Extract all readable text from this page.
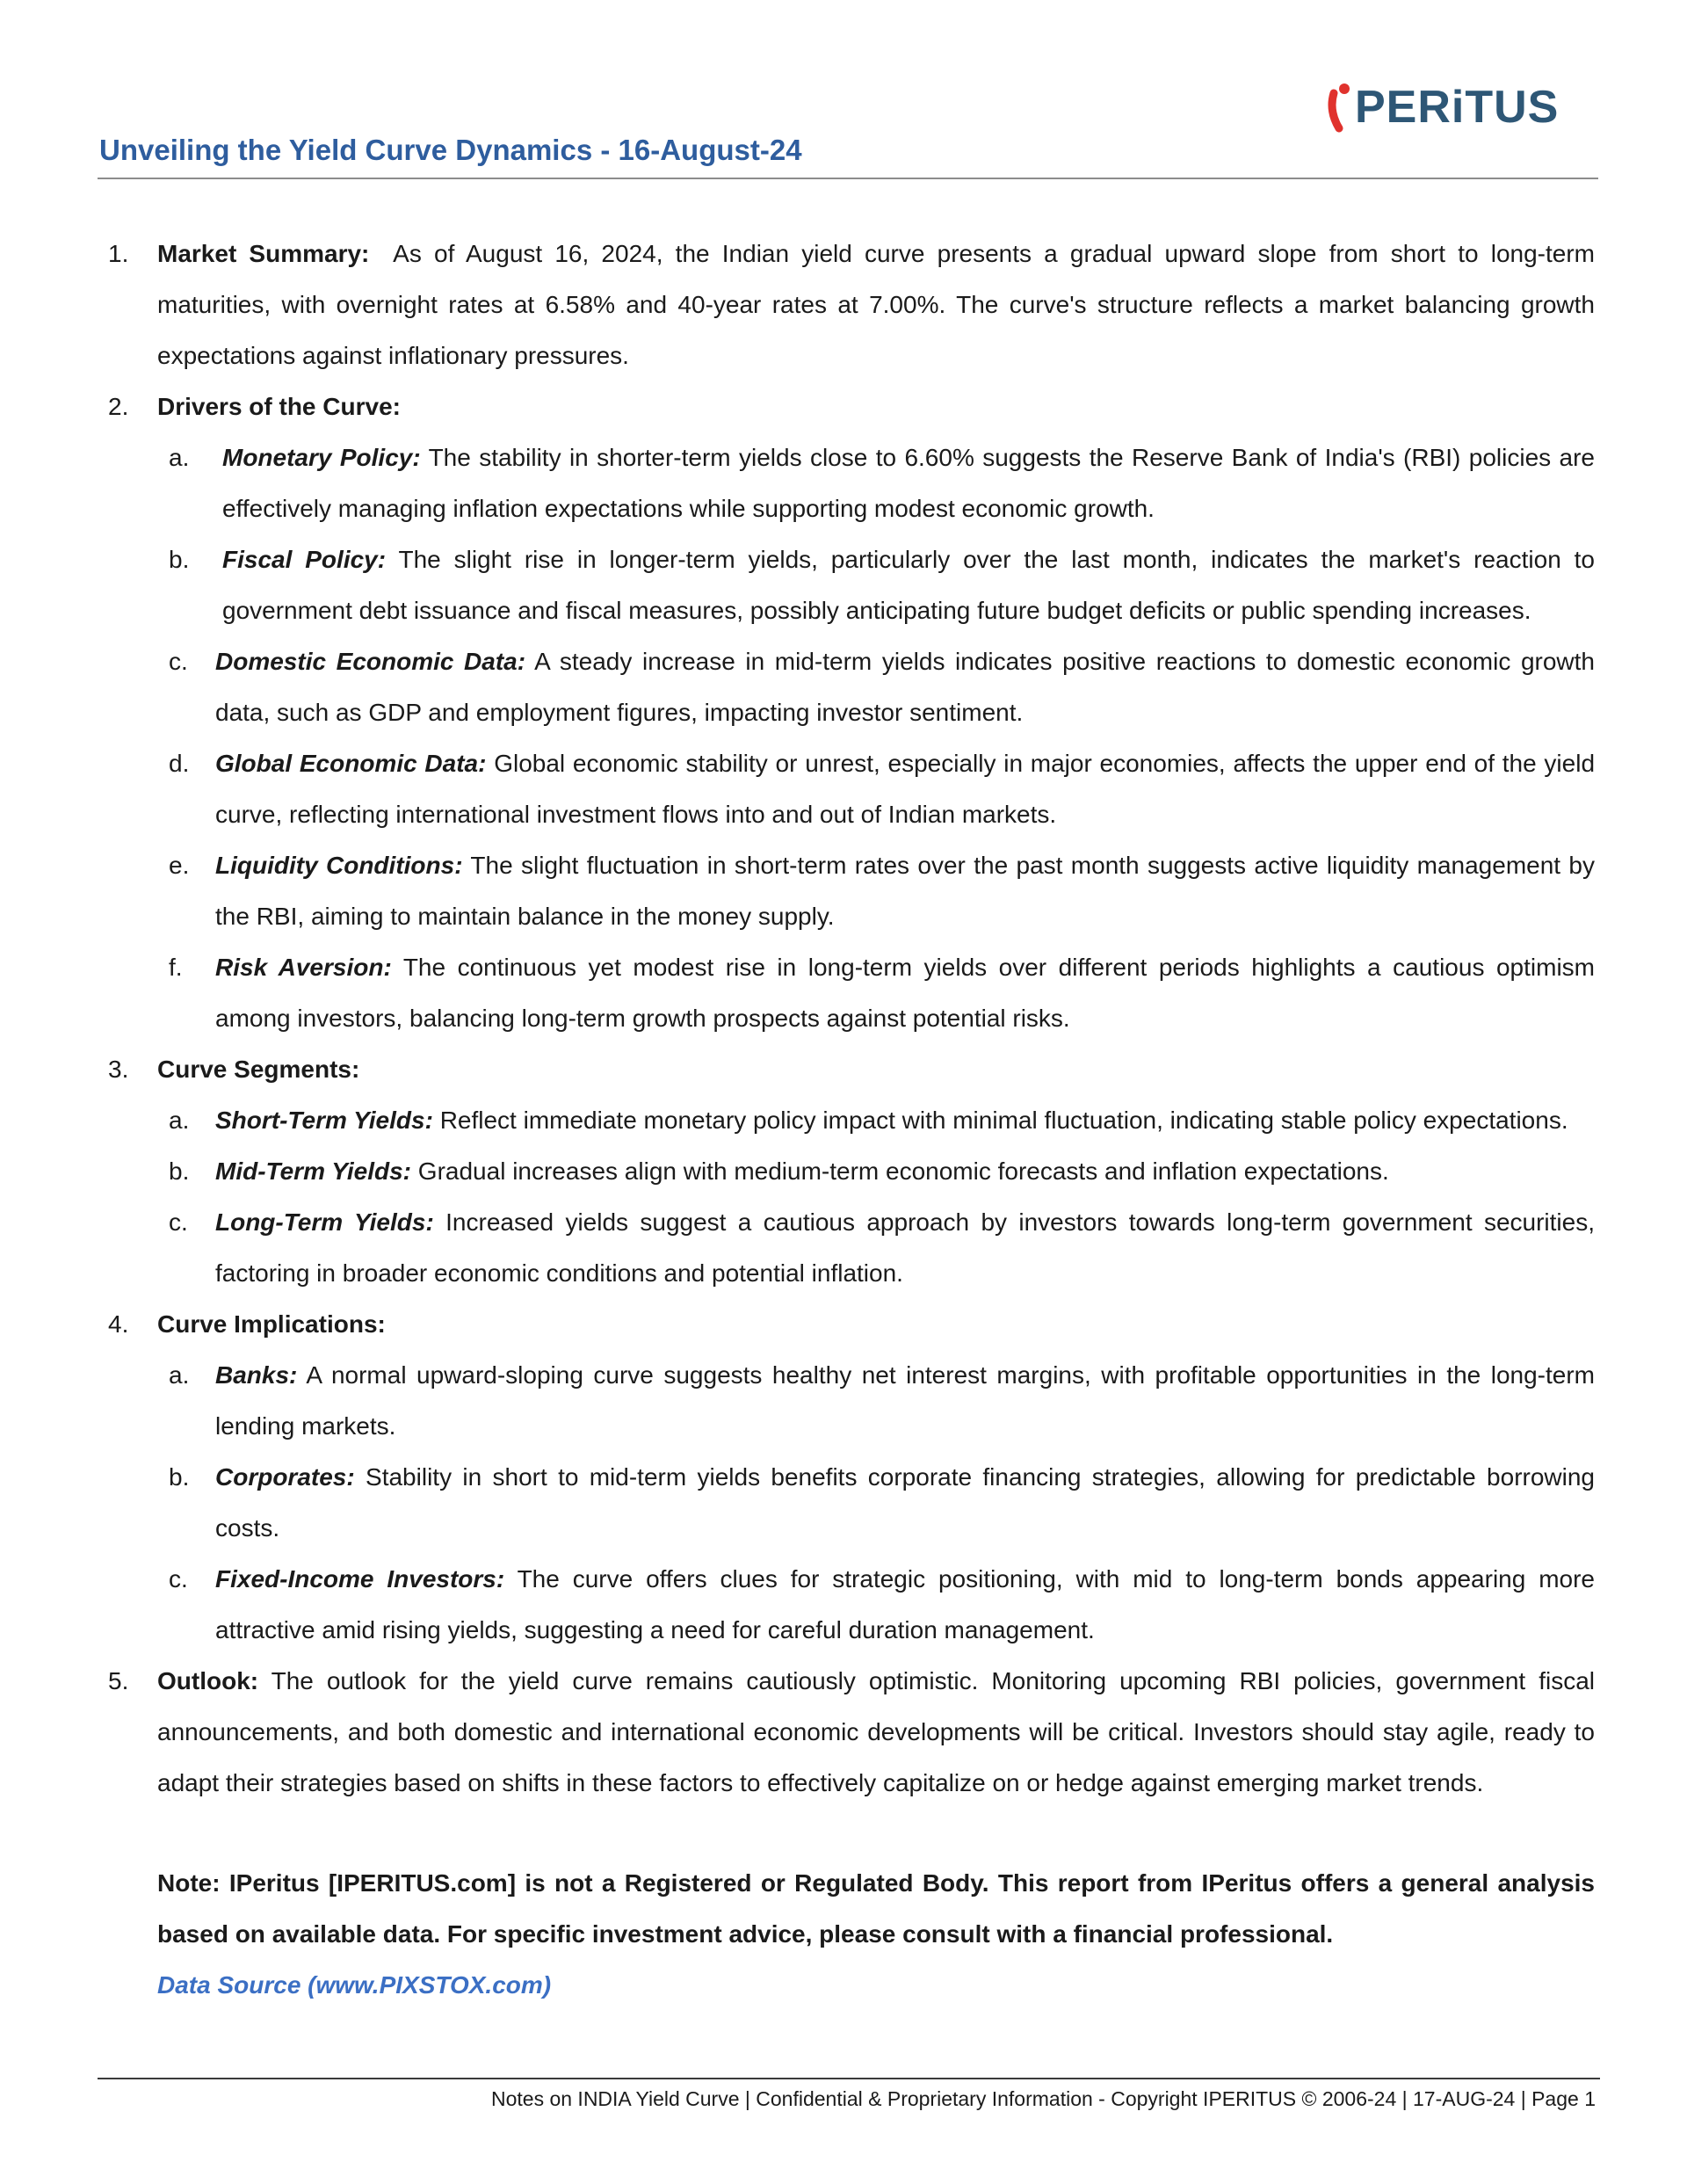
PERiTUS
Unveiling the Yield Curve Dynamics - 16-August-24
1. Market Summary: As of August 16, 2024, the Indian yield curve presents a gradual upward slope from short to long-term maturities, with overnight rates at 6.58% and 40-year rates at 7.00%. The curve's structure reflects a market balancing growth expectations against inflationary pressures.
2. Drivers of the Curve:
a. Monetary Policy: The stability in shorter-term yields close to 6.60% suggests the Reserve Bank of India's (RBI) policies are effectively managing inflation expectations while supporting modest economic growth.
b. Fiscal Policy: The slight rise in longer-term yields, particularly over the last month, indicates the market's reaction to government debt issuance and fiscal measures, possibly anticipating future budget deficits or public spending increases.
c. Domestic Economic Data: A steady increase in mid-term yields indicates positive reactions to domestic economic growth data, such as GDP and employment figures, impacting investor sentiment.
d. Global Economic Data: Global economic stability or unrest, especially in major economies, affects the upper end of the yield curve, reflecting international investment flows into and out of Indian markets.
e. Liquidity Conditions: The slight fluctuation in short-term rates over the past month suggests active liquidity management by the RBI, aiming to maintain balance in the money supply.
f. Risk Aversion: The continuous yet modest rise in long-term yields over different periods highlights a cautious optimism among investors, balancing long-term growth prospects against potential risks.
3. Curve Segments:
a. Short-Term Yields: Reflect immediate monetary policy impact with minimal fluctuation, indicating stable policy expectations.
b. Mid-Term Yields: Gradual increases align with medium-term economic forecasts and inflation expectations.
c. Long-Term Yields: Increased yields suggest a cautious approach by investors towards long-term government securities, factoring in broader economic conditions and potential inflation.
4. Curve Implications:
a. Banks: A normal upward-sloping curve suggests healthy net interest margins, with profitable opportunities in the long-term lending markets.
b. Corporates: Stability in short to mid-term yields benefits corporate financing strategies, allowing for predictable borrowing costs.
c. Fixed-Income Investors: The curve offers clues for strategic positioning, with mid to long-term bonds appearing more attractive amid rising yields, suggesting a need for careful duration management.
5. Outlook: The outlook for the yield curve remains cautiously optimistic. Monitoring upcoming RBI policies, government fiscal announcements, and both domestic and international economic developments will be critical. Investors should stay agile, ready to adapt their strategies based on shifts in these factors to effectively capitalize on or hedge against emerging market trends.
Note: IPeritus [IPERITUS.com] is not a Registered or Regulated Body. This report from IPeritus offers a general analysis based on available data. For specific investment advice, please consult with a financial professional.
Data Source (www.PIXSTOX.com)
Notes on INDIA Yield Curve | Confidential & Proprietary Information - Copyright IPERITUS © 2006-24 | 17-AUG-24 | Page 1
